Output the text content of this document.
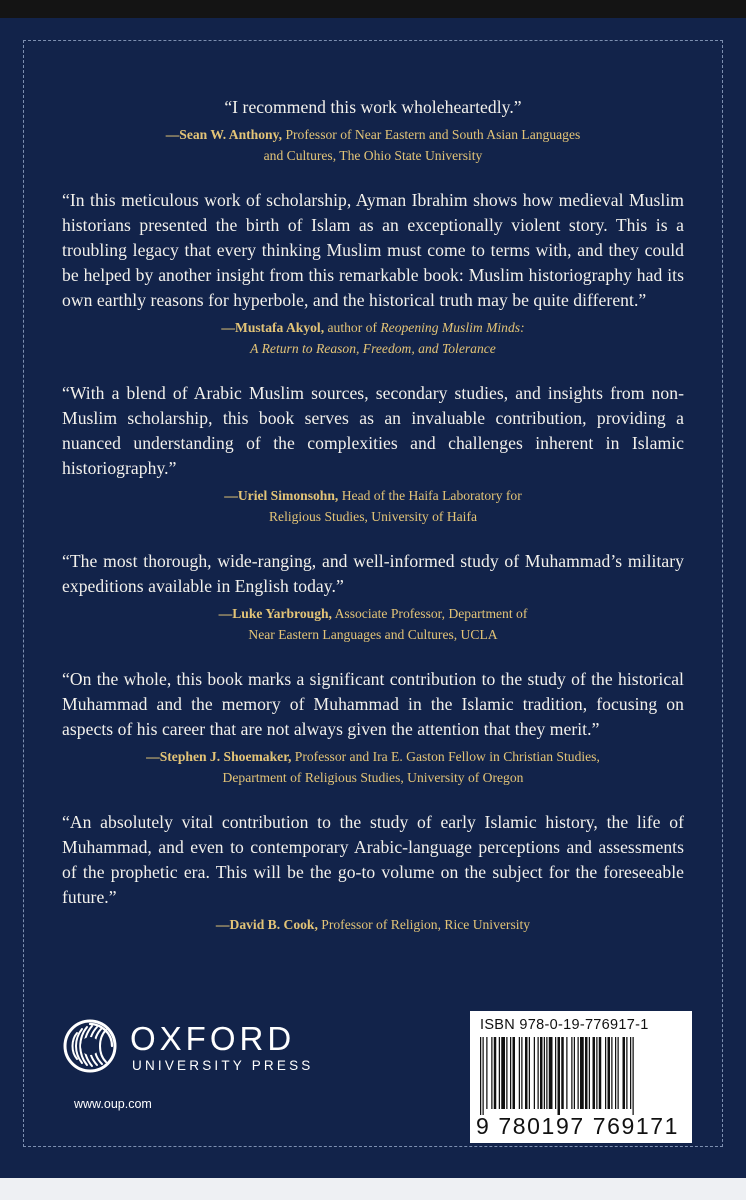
“I recommend this work wholeheartedly.”

—Sean W. Anthony, Professor of Near Eastern and South Asian Languages
and Cultures, The Ohio State University

“In this meticulous work of scholarship, Ayman Ibrahim shows how medieval Muslim historians presented the birth of Islam as an exceptionally violent story. This is a troubling legacy that every thinking Muslim must come to terms with, and they could be helped by another insight from this remarkable book: Muslim historiography had its own earthly reasons for hyperbole, and the historical truth may be quite different.”

—Mustafa Akyol, author of Reopening Muslim Minds:
A Return to Reason, Freedom, and Tolerance

“With a blend of Arabic Muslim sources, secondary studies, and insights from non-Muslim scholarship, this book serves as an invaluable contribution, providing a nuanced understanding of the complexities and challenges inherent in Islamic historiography.”

—Uriel Simonsohn, Head of the Haifa Laboratory for
Religious Studies, University of Haifa

“The most thorough, wide-ranging, and well-informed study of Muhammad’s military expeditions available in English today.”

—Luke Yarbrough, Associate Professor, Department of
Near Eastern Languages and Cultures, UCLA

“On the whole, this book marks a significant contribution to the study of the historical Muhammad and the memory of Muhammad in the Islamic tradition, focusing on aspects of his career that are not always given the attention that they merit.”

—Stephen J. Shoemaker, Professor and Ira E. Gaston Fellow in Christian Studies,
Department of Religious Studies, University of Oregon

“An absolutely vital contribution to the study of early Islamic history, the life of Muhammad, and even to contemporary Arabic-language perceptions and assessments of the prophetic era. This will be the go-to volume on the subject for the foreseeable future.”

—David B. Cook, Professor of Religion, Rice University
OXFORD
UNIVERSITY PRESS
www.oup.com
ISBN 978-0-19-776917-1
9 780197 769171
